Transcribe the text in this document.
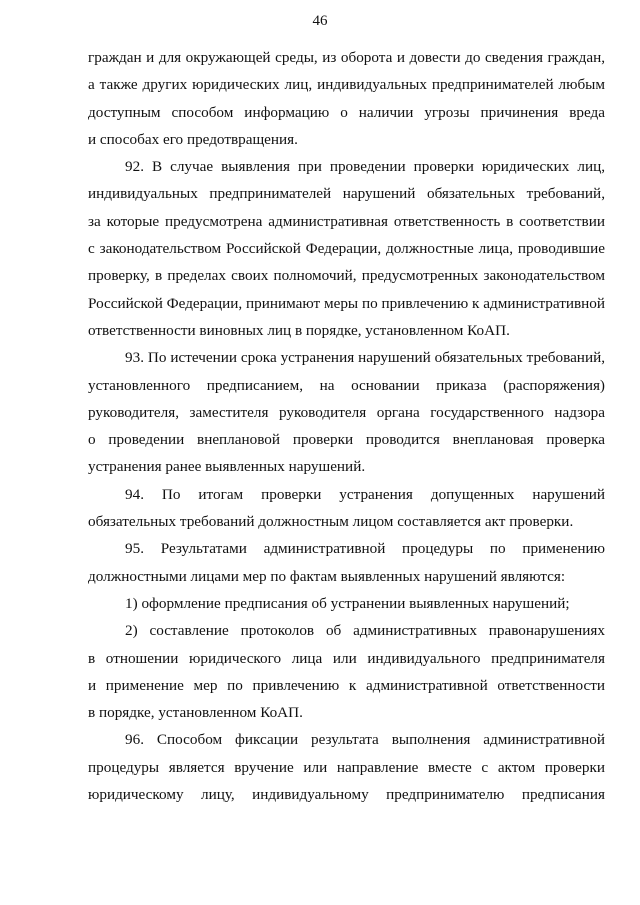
46

граждан и для окружающей среды, из оборота и довести до сведения граждан,
а также других юридических лиц, индивидуальных предпринимателей любым
доступным способом информацию о наличии угрозы причинения вреда
и способах его предотвращения.

92. В случае выявления при проведении проверки юридических лиц,
индивидуальных предпринимателей нарушений обязательных требований,
за которые предусмотрена административная ответственность в соответствии
с законодательством Российской Федерации, должностные лица, проводившие
проверку, в пределах своих полномочий, предусмотренных законодательством
Российской Федерации, принимают меры по привлечению к административной
ответственности виновных лиц в порядке, установленном КоАП.

93. По истечении срока устранения нарушений обязательных требований,
установленного предписанием, на основании приказа (распоряжения)
руководителя, заместителя руководителя органа государственного надзора
о проведении внеплановой проверки проводится внеплановая проверка
устранения ранее выявленных нарушений.

94. По итогам проверки устранения допущенных нарушений
обязательных требований должностным лицом составляется акт проверки.

95. Результатами административной процедуры по применению
должностными лицами мер по фактам выявленных нарушений являются:

1) оформление предписания об устранении выявленных нарушений;

2) составление протоколов об административных правонарушениях
в отношении юридического лица или индивидуального предпринимателя
и применение мер по привлечению к административной ответственности
в порядке, установленном КоАП.

96. Способом фиксации результата выполнения административной
процедуры является вручение или направление вместе с актом проверки
юридическому лицу, индивидуальному предпринимателю предписания
